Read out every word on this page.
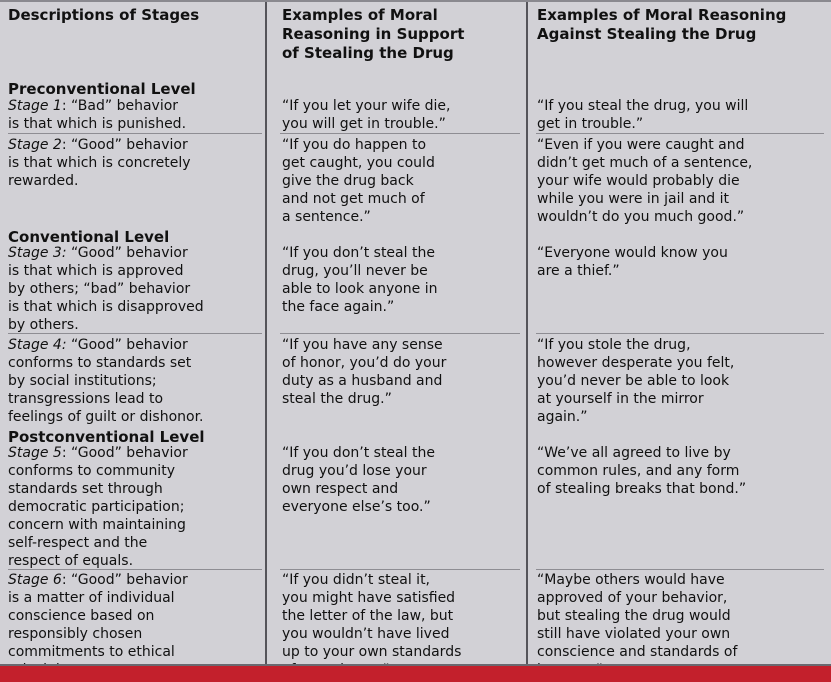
Descriptions of Stages	Examples of Moral
Reasoning in Support
of Stealing the Drug
Examples of Moral Reasoning
Against Stealing the Drug
Preconventional Level
Stage 1: “Bad” behavior
is that which is punished.
“If you let your wife die,
you will get in trouble.”
“If you steal the drug, you will
get in trouble.”
Stage 2: “Good” behavior
is that which is concretely
rewarded.
“If you do happen to
get caught, you could
give the drug back
and not get much of
a sentence.”
“Even if you were caught and
didn’t get much of a sentence,
your wife would probably die
while you were in jail and it
wouldn’t do you much good.”
Conventional Level
Stage 3: “Good” behavior
is that which is approved
by others; “bad” behavior
is that which is disapproved
by others.
“If you don’t steal the
drug, you’ll never be
able to look anyone in
the face again.”
“Everyone would know you
are a thief.”
Stage 4: “Good” behavior
conforms to standards set
by social institutions;
transgressions lead to
feelings of guilt or dishonor.
“If you have any sense
of honor, you’d do your
duty as a husband and
steal the drug.”
“If you stole the drug,
however desperate you felt,
you’d never be able to look
at yourself in the mirror
again.”
Postconventional Level
Stage 5: “Good” behavior
conforms to community
standards set through
democratic participation;
concern with maintaining
self-respect and the
respect of equals.
“If you don’t steal the
drug you’d lose your
own respect and
everyone else’s too.”
“We’ve all agreed to live by
common rules, and any form
of stealing breaks that bond.”
Stage 6: “Good” behavior
is a matter of individual
conscience based on
responsibly chosen
commitments to ethical

“If you didn’t steal it,
you might have satisfied
the letter of the law, but
you wouldn’t have lived
up to your own standards

“Maybe others would have
approved of your behavior,
but stealing the drug would
still have violated your own
conscience and standards of
